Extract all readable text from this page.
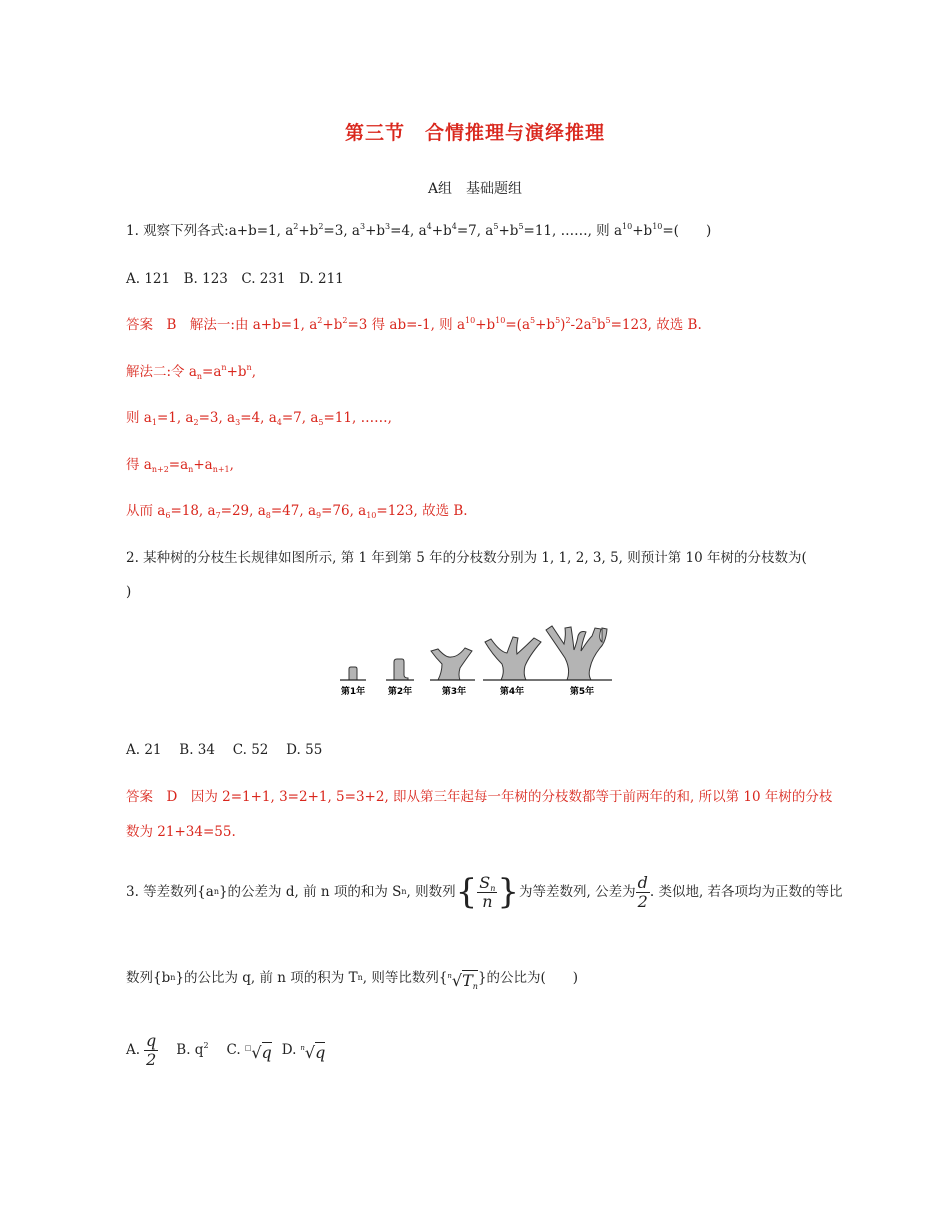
第三节　合情推理与演绎推理
A组　基础题组
1. 观察下列各式:a+b=1, $a^2+b^2=3$, $a^3+b^3=4$, $a^4+b^4=7$, $a^5+b^5=11$, ……, 则 $a^{10}+b^{10}=$(　　)
A. 121　B. 123　C. 231　D. 211
答案　B　解法一:由 a+b=1, $a^2+b^2=3$ 得 ab=-1, 则 $a^{10}+b^{10}=(a^5+b^5)^2-2a^5b^5=123$, 故选 B.
解法二:令 $a_n=a^n+b^n$,
则 $a_1=1$, $a_2=3$, $a_3=4$, $a_4=7$, $a_5=11$, ……,
得 $a_{n+2}=a_n+a_{n+1}$,
从而 $a_6=18$, $a_7=29$, $a_8=47$, $a_9=76$, $a_{10}=123$, 故选 B.
2. 某种树的分枝生长规律如图所示, 第 1 年到第 5 年的分枝数分别为 1, 1, 2, 3, 5, 则预计第 10 年树的分枝数为(
)
第1年	第2年	第3年	第4年	第5年
A. 21　 B. 34　 C. 52　 D. 55
答案　D　因为 2=1+1, 3=2+1, 5=3+2, 即从第三年起每一年树的分枝数都等于前两年的和, 所以第 10 年树的分枝
数为 21+34=55.
3. 等差数列{a n }的公差为 d, 前 n 项的和为 S n , 则数列 { $\frac{S_n}{n}$ } 为等差数列, 公差为 $\frac{d}{2}$ . 类似地, 若各项均为正数的等比
数列{b n }的公比为 q, 前 n 项的积为 T n , 则等比数列{ $^n√T_n$ }的公比为(　　)
A. $\frac{q}{2} B$. $q^2$ C. □√q D. $^n$√q
